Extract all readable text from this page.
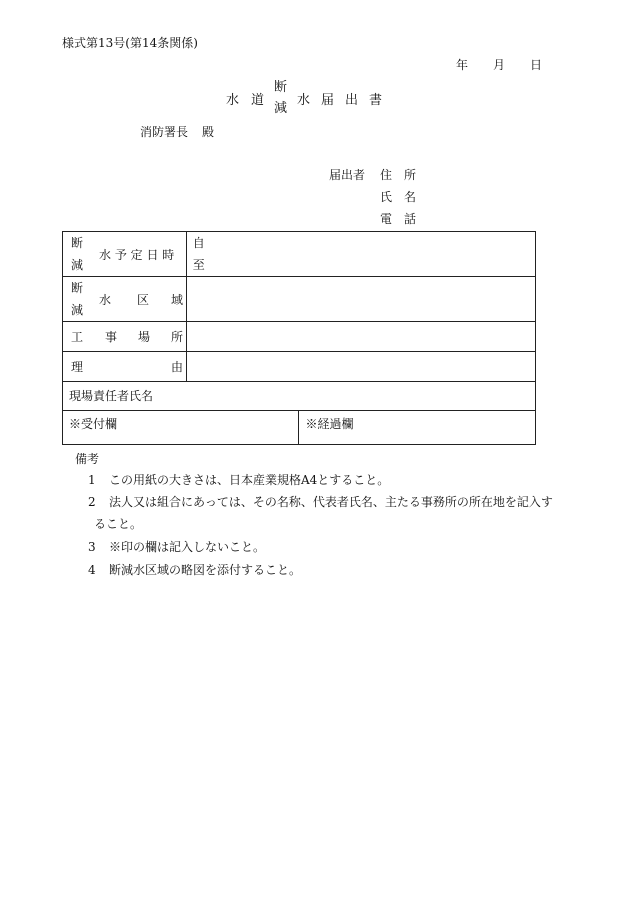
様式第13号(第14条関係)
年 月 日
水 道
断
減
水 届 出 書
消防署長 殿
届出者 住 所
氏 名
電 話
断
減
水 予 定 日 時	自
至	

断
減
水 区 域		

工 事 場 所		

理 由		

現場責任者氏名		

※受付欄		※経過欄
備考
1 この用紙の大きさは、日本産業規格A4とすること。
2 法人又は組合にあっては、その名称、代表者氏名、主たる事務所の所在地を記入す
ること。
3 ※印の欄は記入しないこと。
4 断減水区域の略図を添付すること。
